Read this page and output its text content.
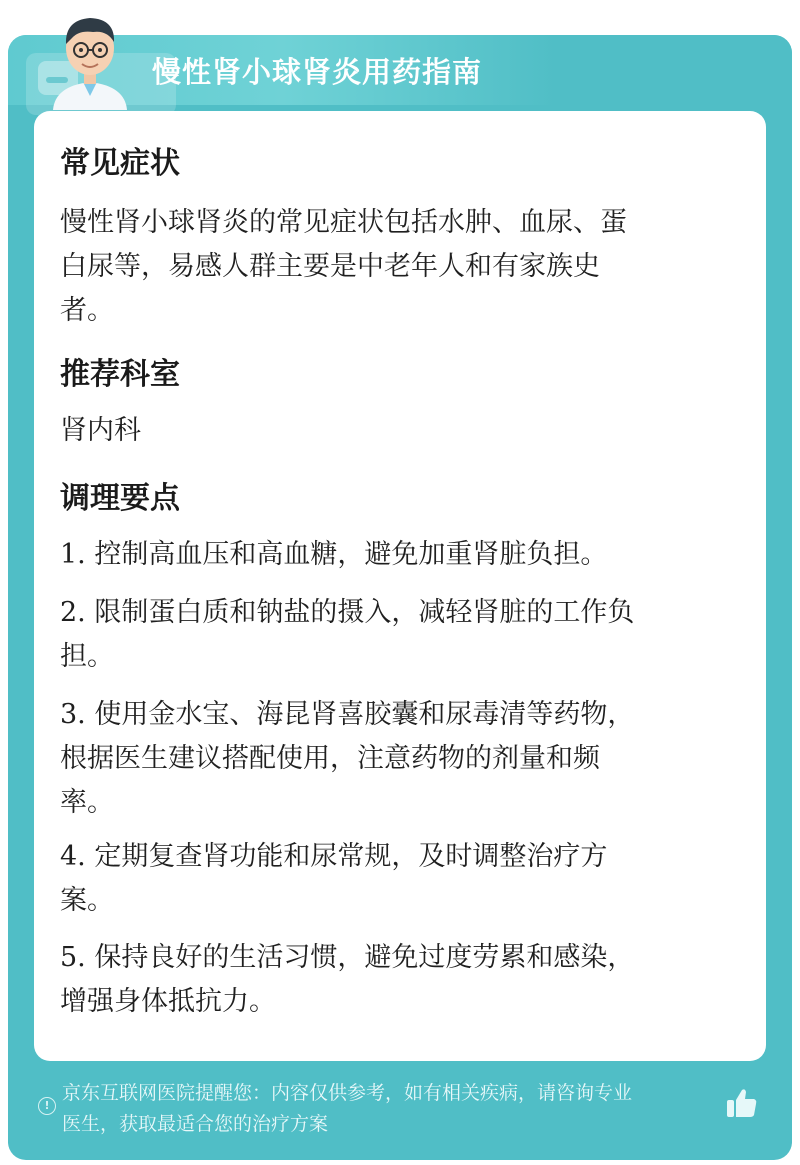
慢性肾小球肾炎用药指南
常见症状
慢性肾小球肾炎的常见症状包括水肿、血尿、蛋
白尿等，易感人群主要是中老年人和有家族史
者。
推荐科室
肾内科
调理要点
1. 控制高血压和高血糖，避免加重肾脏负担。
2. 限制蛋白质和钠盐的摄入，减轻肾脏的工作负
担。
3. 使用金水宝、海昆肾喜胶囊和尿毒清等药物，
根据医生建议搭配使用，注意药物的剂量和频
率。
4. 定期复查肾功能和尿常规，及时调整治疗方
案。
5. 保持良好的生活习惯，避免过度劳累和感染，
增强身体抵抗力。
!
京东互联网医院提醒您：内容仅供参考，如有相关疾病，请咨询专业
医生，获取最适合您的治疗方案
